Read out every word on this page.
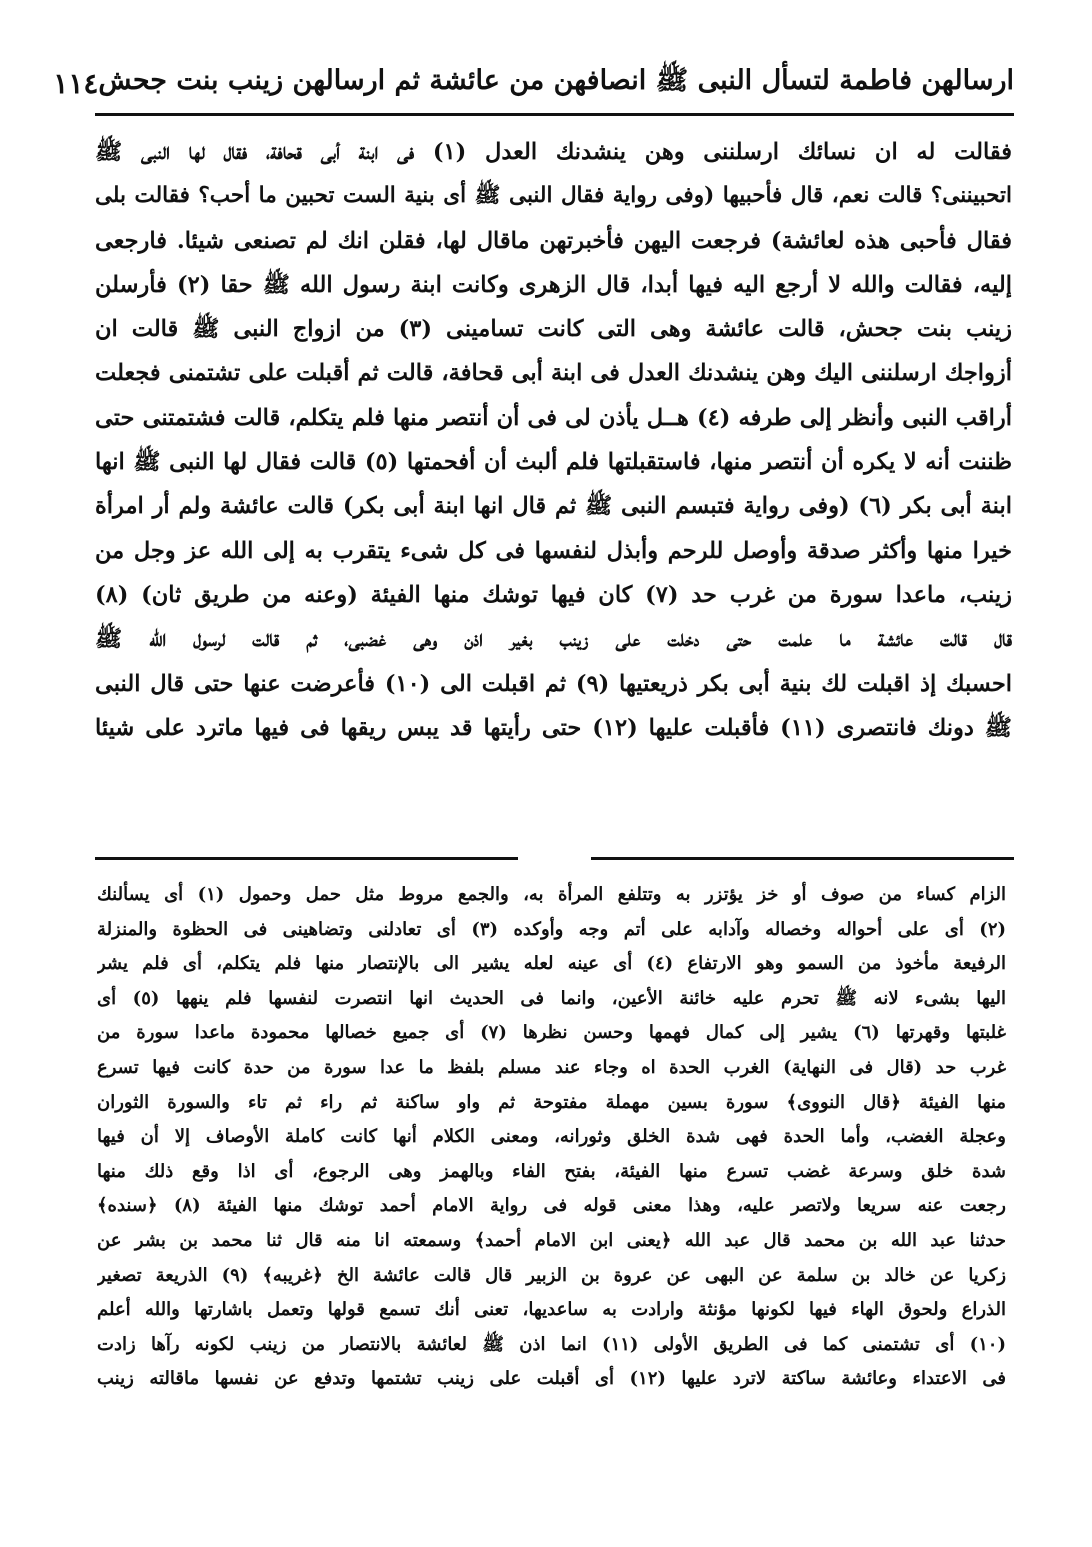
ارسالهن فاطمة لتسأل النبى ﷺ انصافهن من عائشة ثم ارسالهن زينب بنت جحش
١١٤
فقالت له ان نسائك ارسلننى وهن ينشدنك العدل (١) فى ابنة أبى قحافة، فقال لها النبى ﷺ
اتحبيننى؟ قالت نعم، قال فأحبيها (وفى رواية فقال النبى ﷺ أى بنية الست تحبين ما أحب؟ فقالت بلى
فقال فأحبى هذه لعائشة) فرجعت اليهن فأخبرتهن ماقال لها، فقلن انك لم تصنعى شيئا. فارجعى
إليه، فقالت والله لا أرجع اليه فيها أبدا، قال الزهرى وكانت ابنة رسول الله ﷺ حقا (٢) فأرسلن
زينب بنت جحش، قالت عائشة وهى التى كانت تسامينى (٣) من ازواج النبى ﷺ قالت ان
أزواجك ارسلننى اليك وهن ينشدنك العدل فى ابنة أبى قحافة، قالت ثم أقبلت على تشتمنى فجعلت
أراقب النبى وأنظر إلى طرفه (٤) هــل يأذن لى فى أن أنتصر منها فلم يتكلم، قالت فشتمتنى حتى
ظننت أنه لا يكره أن أنتصر منها، فاستقبلتها فلم ألبث أن أفحمتها (٥) قالت فقال لها النبى ﷺ انها
ابنة أبى بكر (٦) (وفى رواية فتبسم النبى ﷺ ثم قال انها ابنة أبى بكر) قالت عائشة ولم أر امرأة
خيرا منها وأكثر صدقة وأوصل للرحم وأبذل لنفسها فى كل شىء يتقرب به إلى الله عز وجل من
زينب، ماعدا سورة من غرب حد (٧) كان فيها توشك منها الفيئة (وعنه من طريق ثان) (٨)
قال قالت عائشة ما علمت حتى دخلت على زينب بغير اذن وهى غضبى، ثم قالت لرسول الله ﷺ
احسبك إذ اقبلت لك بنية أبى بكر ذريعتيها (٩) ثم اقبلت الى (١٠) فأعرضت عنها حتى قال النبى
ﷺ دونك فانتصرى (١١) فأقبلت عليها (١٢) حتى رأيتها قد يبس ريقها فى فيها ماترد على شيئا
الزام كساء من صوف أو خز يؤتزر به وتتلفع المرأة به، والجمع مروط مثل حمل وحمول (١) أى يسألنك
(٢) أى على أحواله وخصاله وآدابه على أتم وجه وأوكده (٣) أى تعادلنى وتضاهينى فى الحظوة والمنزلة
الرفيعة مأخوذ من السمو وهو الارتفاع (٤) أى عينه لعله يشير الى بالإنتصار منها فلم يتكلم، أى فلم يشر
اليها بشىء لانه ﷺ تحرم عليه خائنة الأعين، وانما فى الحديث انها انتصرت لنفسها فلم ينهها (٥) أى
غلبتها وقهرتها (٦) يشير إلى كمال فهمها وحسن نظرها (٧) أى جميع خصالها محمودة ماعدا سورة من
غرب حد (قال فى النهاية) الغرب الحدة اه وجاء عند مسلم بلفظ ما عدا سورة من حدة كانت فيها تسرع
منها الفيئة ﴿قال النووى﴾ سورة بسين مهملة مفتوحة ثم واو ساكنة ثم راء ثم تاء والسورة الثوران
وعجلة الغضب، وأما الحدة فهى شدة الخلق وثورانه، ومعنى الكلام أنها كانت كاملة الأوصاف إلا أن فيها
شدة خلق وسرعة غضب تسرع منها الفيئة، بفتح الفاء وبالهمز وهى الرجوع، أى اذا وقع ذلك منها
رجعت عنه سريعا ولاتصر عليه، وهذا معنى قوله فى رواية الامام أحمد توشك منها الفيئة (٨) ﴿سنده﴾
حدثنا عبد الله بن محمد قال عبد الله ﴿يعنى ابن الامام أحمد﴾ وسمعته انا منه قال ثنا محمد بن بشر عن
زكريا عن خالد بن سلمة عن البهى عن عروة بن الزبير قال قالت عائشة الخ ﴿غريبه﴾ (٩) الذريعة تصغير
الذراع ولحوق الهاء فيها لكونها مؤنثة وارادت به ساعديها، تعنى أنك تسمع قولها وتعمل باشارتها والله أعلم
(١٠) أى تشتمنى كما فى الطريق الأولى (١١) انما اذن ﷺ لعائشة بالانتصار من زينب لكونه رآها زادت
فى الاعتداء وعائشة ساكتة لاترد عليها (١٢) أى أقبلت على زينب تشتمها وتدفع عن نفسها ماقالته زينب
